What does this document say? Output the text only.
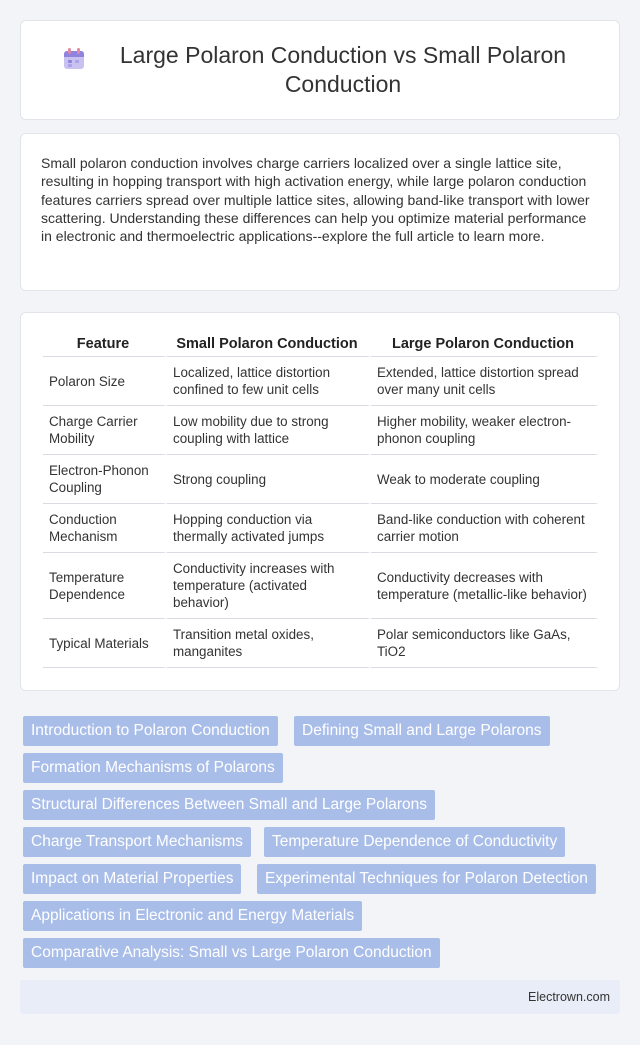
Large Polaron Conduction vs Small Polaron Conduction

Small polaron conduction involves charge carriers localized over a single lattice site, resulting in hopping transport with high activation energy, while large polaron conduction features carriers spread over multiple lattice sites, allowing band-like transport with lower scattering. Understanding these differences can help you optimize material performance in electronic and thermoelectric applications--explore the full article to learn more.

Feature	Small Polaron Conduction	Large Polaron Conduction
Polaron Size	Localized, lattice distortion confined to few unit cells	Extended, lattice distortion spread over many unit cells
Charge Carrier Mobility	Low mobility due to strong coupling with lattice	Higher mobility, weaker electron-phonon coupling
Electron-Phonon Coupling	Strong coupling	Weak to moderate coupling
Conduction Mechanism	Hopping conduction via thermally activated jumps	Band-like conduction with coherent carrier motion
Temperature Dependence	Conductivity increases with temperature (activated behavior)	Conductivity decreases with temperature (metallic-like behavior)
Typical Materials	Transition metal oxides, manganites	Polar semiconductors like GaAs, TiO2
Introduction to Polaron Conduction	Defining Small and Large Polarons
Formation Mechanisms of Polarons
Structural Differences Between Small and Large Polarons
Charge Transport Mechanisms	Temperature Dependence of Conductivity
Impact on Material Properties	Experimental Techniques for Polaron Detection
Applications in Electronic and Energy Materials
Comparative Analysis: Small vs Large Polaron Conduction
Electrown.com
